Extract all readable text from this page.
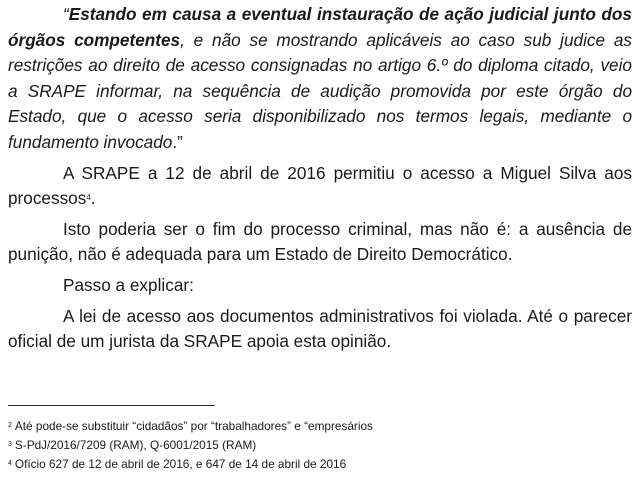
“Estando em causa a eventual instauração de ação judicial junto dos órgãos competentes, e não se mostrando aplicáveis ao caso sub judice as restrições ao direito de acesso consignadas no artigo 6.º do diploma citado, veio a SRAPE informar, na sequência de audição promovida por este órgão do Estado, que o acesso seria disponibilizado nos termos legais, mediante o fundamento invocado.”

A SRAPE a 12 de abril de 2016 permitiu o acesso a Miguel Silva aos processos$^4$.

Isto poderia ser o fim do processo criminal, mas não é: a ausência de punição, não é adequada para um Estado de Direito Democrático.

Passo a explicar:

A lei de acesso aos documentos administrativos foi violada. Até o parecer oficial de um jurista da SRAPE apoia esta opinião.

$^2$ Até pode-se substituir “cidadãos” por “trabalhadores” e “empresários

$^3$ S-PdJ/2016/7209 (RAM), Q-6001/2015 (RAM)

$^4$ Ofício 627 de 12 de abril de 2016, e 647 de 14 de abril de 2016
